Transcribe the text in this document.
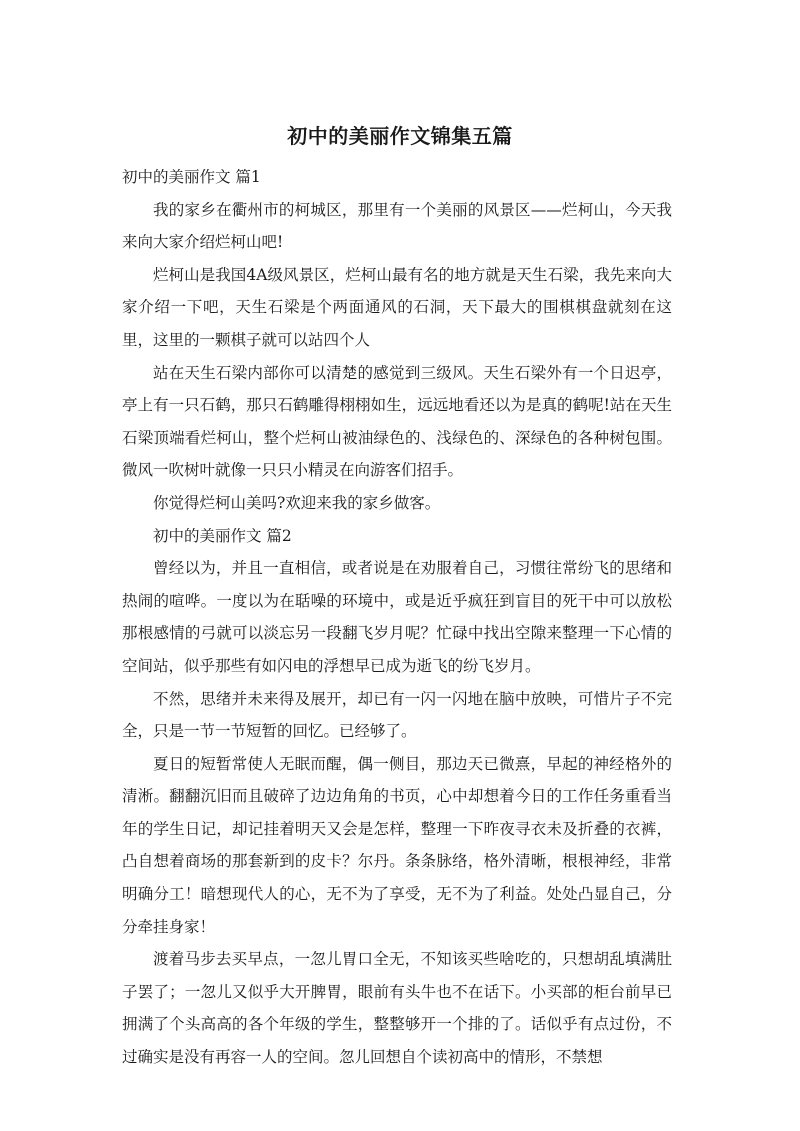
初中的美丽作文锦集五篇

初中的美丽作文 篇1

我的家乡在衢州市的柯城区，那里有一个美丽的风景区——烂柯山，今天我来向大家介绍烂柯山吧!

烂柯山是我国4A级风景区，烂柯山最有名的地方就是天生石梁，我先来向大家介绍一下吧，天生石梁是个两面通风的石洞，天下最大的围棋棋盘就刻在这里，这里的一颗棋子就可以站四个人

站在天生石梁内部你可以清楚的感觉到三级风。天生石梁外有一个日迟亭，亭上有一只石鹤，那只石鹤雕得栩栩如生，远远地看还以为是真的鹤呢!站在天生石梁顶端看烂柯山，整个烂柯山被油绿色的、浅绿色的、深绿色的各种树包围。微风一吹树叶就像一只只小精灵在向游客们招手。

你觉得烂柯山美吗?欢迎来我的家乡做客。

初中的美丽作文 篇2

曾经以为，并且一直相信，或者说是在劝服着自己，习惯往常纷飞的思绪和热闹的喧哗。一度以为在聒噪的环境中，或是近乎疯狂到盲目的死干中可以放松那根感情的弓就可以淡忘另一段翻飞岁月呢？忙碌中找出空隙来整理一下心情的空间站，似乎那些有如闪电的浮想早已成为逝飞的纷飞岁月。

不然，思绪并未来得及展开，却已有一闪一闪地在脑中放映，可惜片子不完全，只是一节一节短暂的回忆。已经够了。

夏日的短暂常使人无眠而醒，偶一侧目，那边天已微熹，早起的神经格外的清淅。翻翻沉旧而且破碎了边边角角的书页，心中却想着今日的工作任务重看当年的学生日记，却记挂着明天又会是怎样，整理一下昨夜寻衣未及折叠的衣裤，凸自想着商场的那套新到的皮卡？尔丹。条条脉络，格外清晰，根根神经，非常明确分工！暗想现代人的心，无不为了享受，无不为了利益。处处凸显自己，分分牵挂身家！

渡着马步去买早点，一忽儿胃口全无，不知该买些啥吃的，只想胡乱填满肚子罢了；一忽儿又似乎大开脾胃，眼前有头牛也不在话下。小买部的柜台前早已拥满了个头高高的各个年级的学生，整整够开一个排的了。话似乎有点过份，不过确实是没有再容一人的空间。忽儿回想自个读初高中的情形，不禁想
